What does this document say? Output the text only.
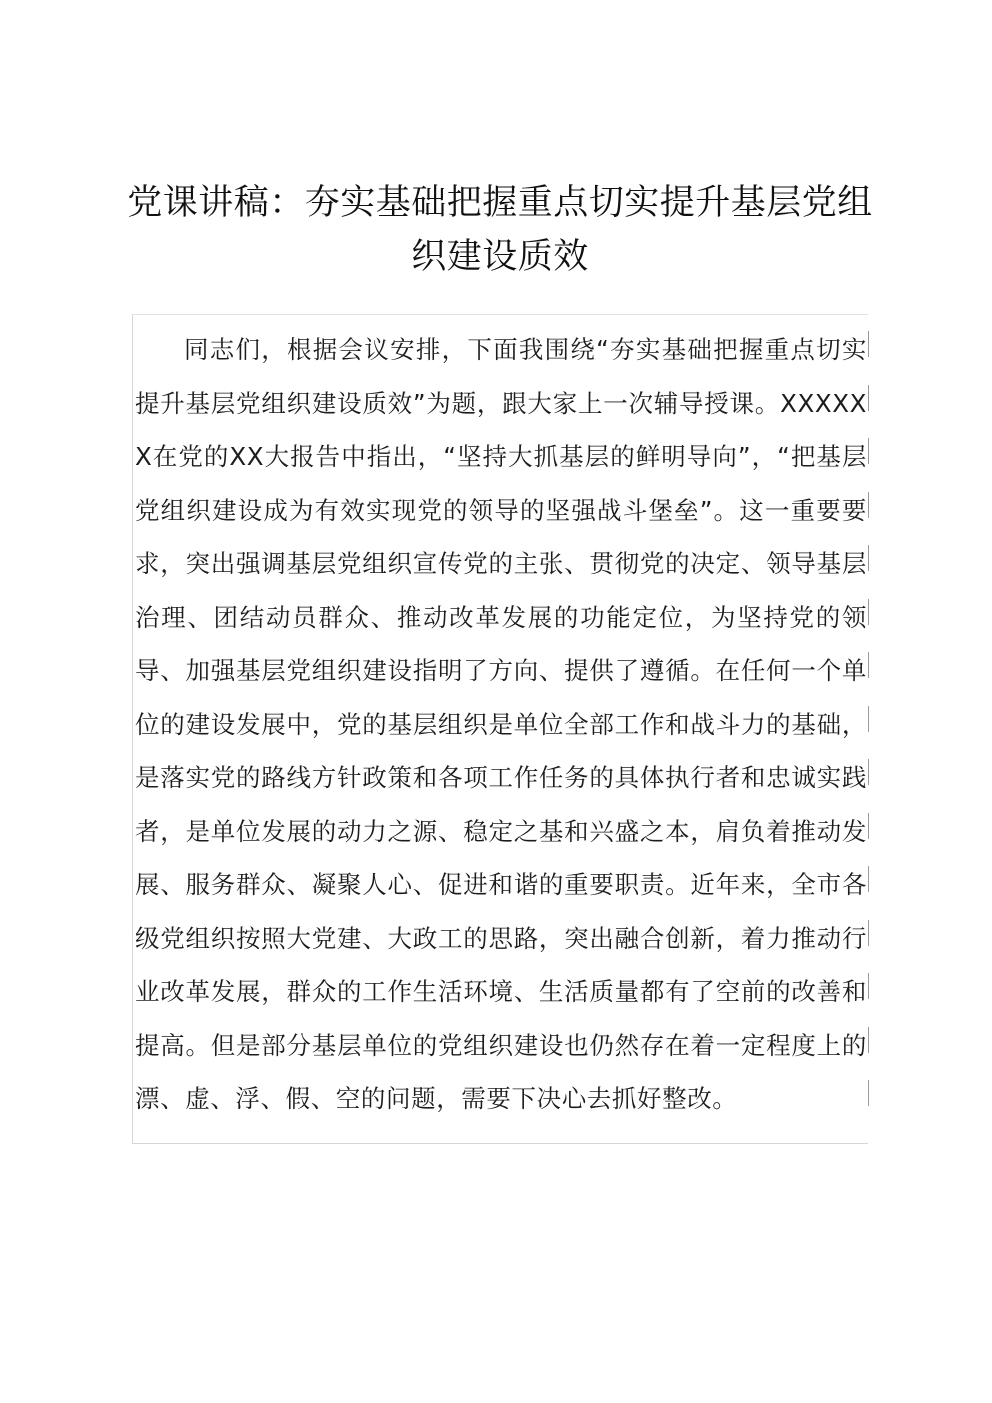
党课讲稿：夯实基础把握重点切实提升基层党组织建设质效

同志们，根据会议安排，下面我围绕“夯实基础把握重点切实提升基层党组织建设质效”为题，跟大家上一次辅导授课。XXXXXX在党的XX大报告中指出，“坚持大抓基层的鲜明导向”，“把基层党组织建设成为有效实现党的领导的坚强战斗堡垒”。这一重要要求，突出强调基层党组织宣传党的主张、贯彻党的决定、领导基层治理、团结动员群众、推动改革发展的功能定位，为坚持党的领导、加强基层党组织建设指明了方向、提供了遵循。在任何一个单位的建设发展中，党的基层组织是单位全部工作和战斗力的基础，是落实党的路线方针政策和各项工作任务的具体执行者和忠诚实践者，是单位发展的动力之源、稳定之基和兴盛之本，肩负着推动发展、服务群众、凝聚人心、促进和谐的重要职责。近年来，全市各级党组织按照大党建、大政工的思路，突出融合创新，着力推动行业改革发展，群众的工作生活环境、生活质量都有了空前的改善和提高。但是部分基层单位的党组织建设也仍然存在着一定程度上的漂、虚、浮、假、空的问题，需要下决心去抓好整改。
